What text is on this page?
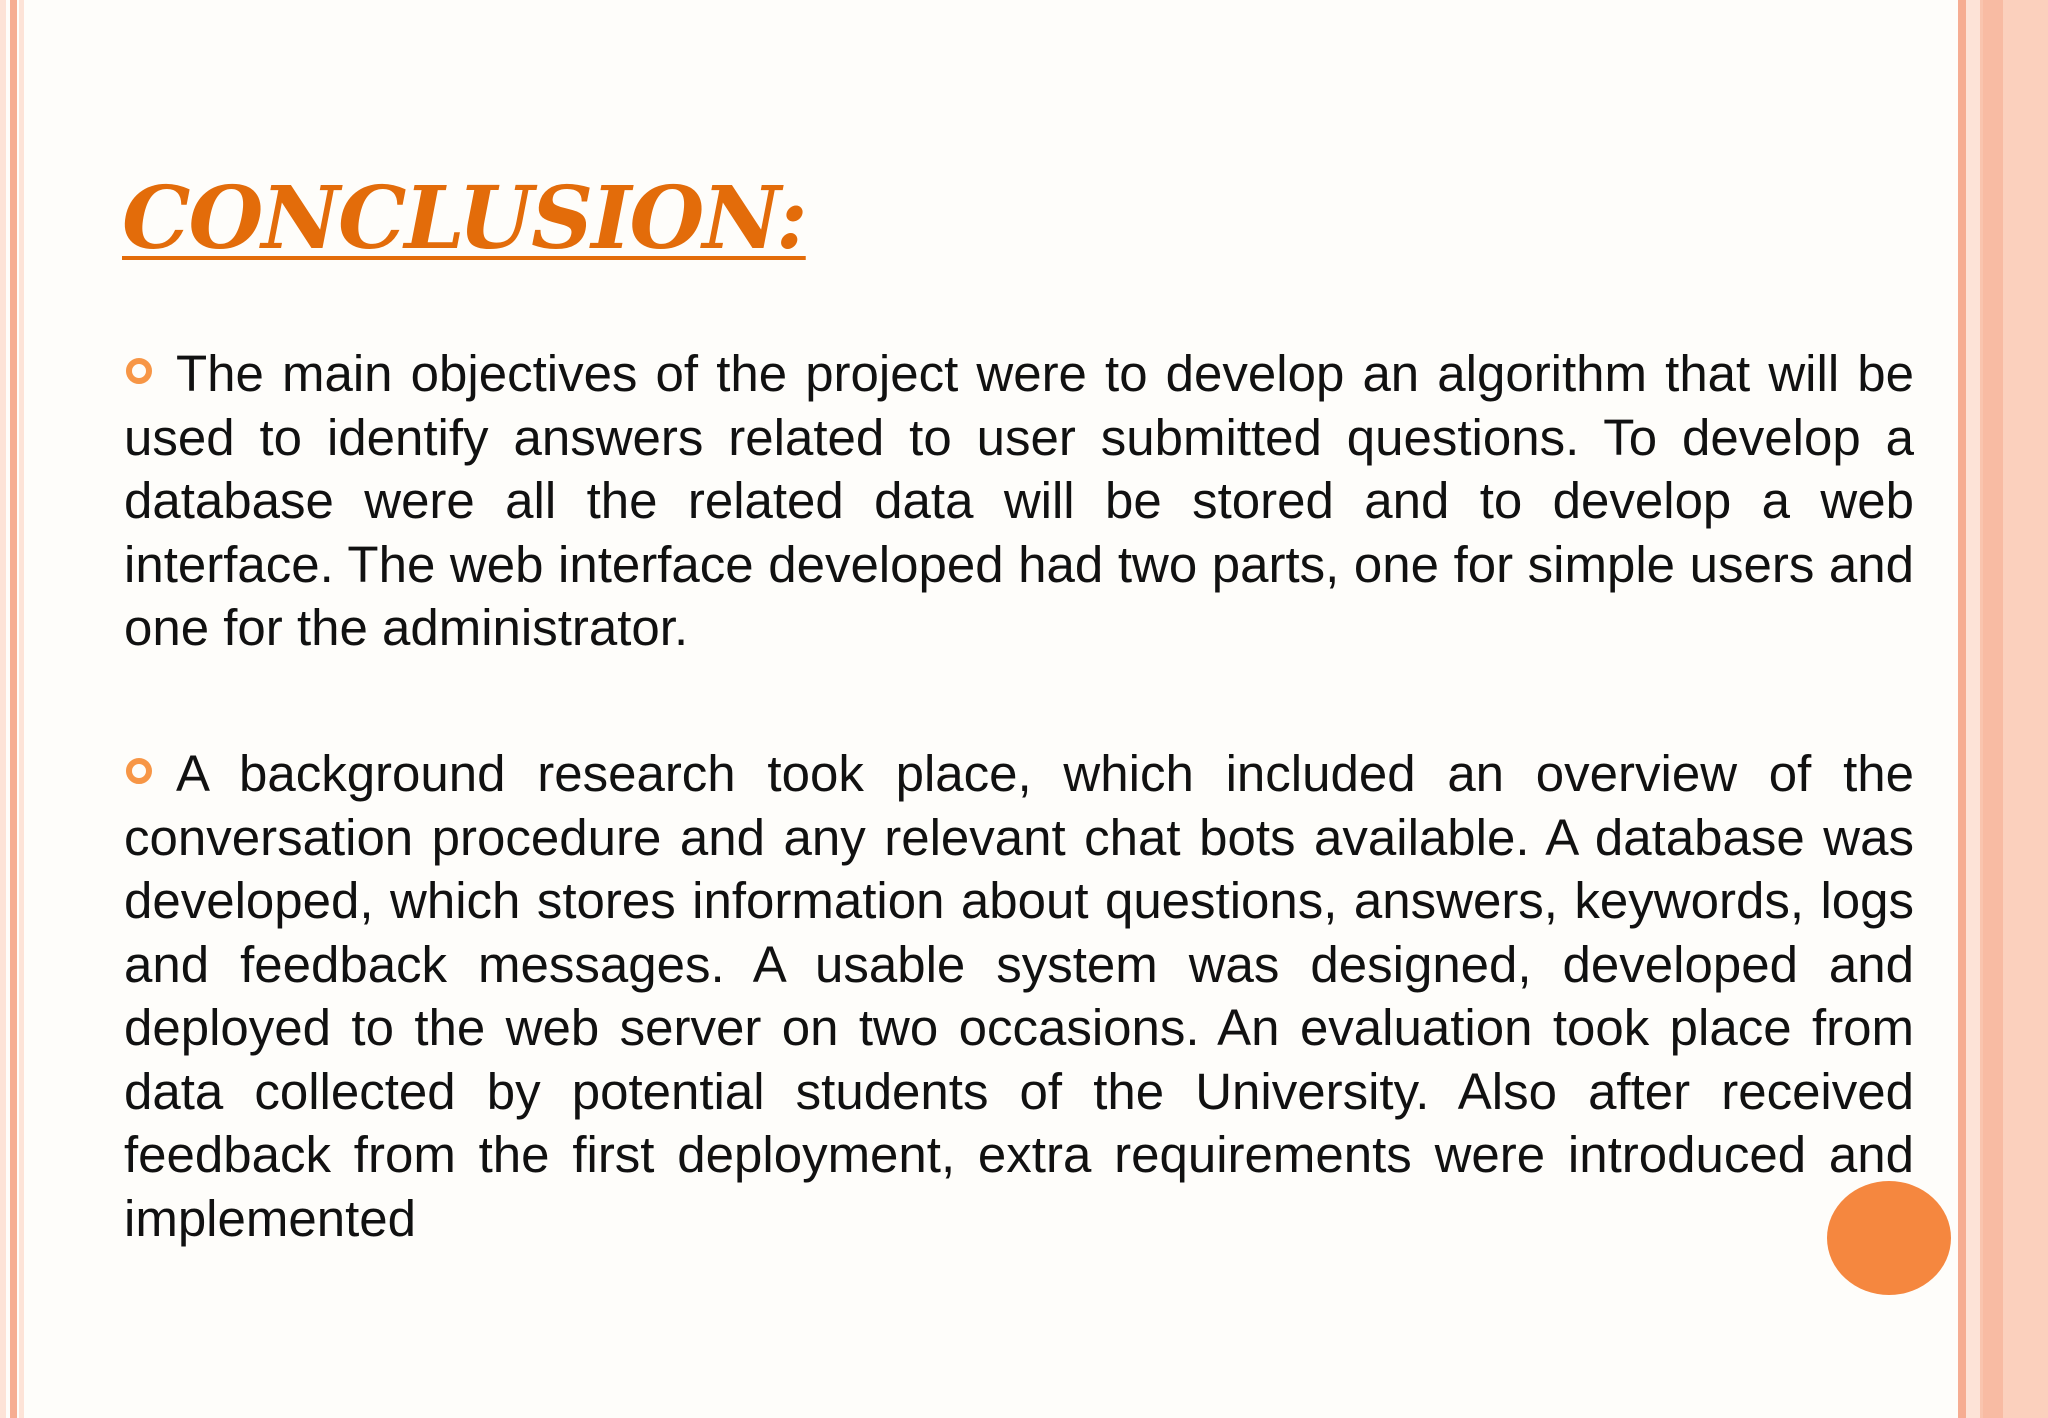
CONCLUSION:

The main objectives of the project were to develop an algorithm that will be used to identify answers related to user submitted questions. To develop a database were all the related data will be stored and to develop a web interface. The web interface developed had two parts, one for simple users and one for the administrator.

A background research took place, which included an overview of the conversation procedure and any relevant chat bots available. A database was developed, which stores information about questions, answers, keywords, logs and feedback messages. A usable system was designed, developed and deployed to the web server on two occasions. An evaluation took place from data collected by potential students of the University. Also after received feedback from the first deployment, extra requirements were introduced and implemented
